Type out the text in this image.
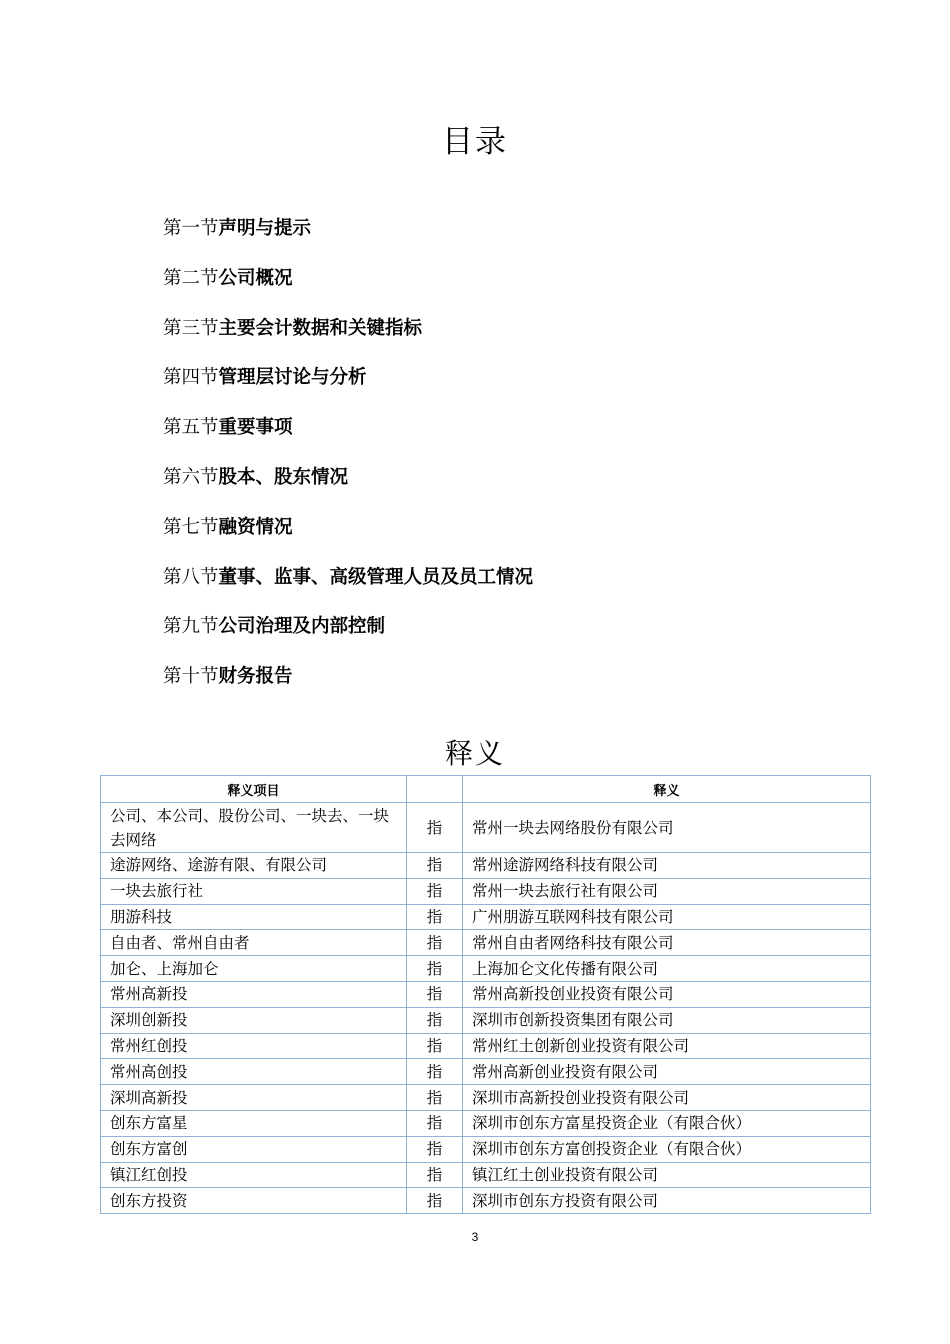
目录
第一节声明与提示
第二节公司概况
第三节主要会计数据和关键指标
第四节管理层讨论与分析
第五节重要事项
第六节股本、股东情况
第七节融资情况
第八节董事、监事、高级管理人员及员工情况
第九节公司治理及内部控制
第十节财务报告
释义
释义项目		释义
公司、本公司、股份公司、一块去、一块去网络	指	常州一块去网络股份有限公司
途游网络、途游有限、有限公司	指	常州途游网络科技有限公司
一块去旅行社	指	常州一块去旅行社有限公司
朋游科技	指	广州朋游互联网科技有限公司
自由者、常州自由者	指	常州自由者网络科技有限公司
加仑、上海加仑	指	上海加仑文化传播有限公司
常州高新投	指	常州高新投创业投资有限公司
深圳创新投	指	深圳市创新投资集团有限公司
常州红创投	指	常州红土创新创业投资有限公司
常州高创投	指	常州高新创业投资有限公司
深圳高新投	指	深圳市高新投创业投资有限公司
创东方富星	指	深圳市创东方富星投资企业（有限合伙）
创东方富创	指	深圳市创东方富创投资企业（有限合伙）
镇江红创投	指	镇江红土创业投资有限公司
创东方投资	指	深圳市创东方投资有限公司
3
